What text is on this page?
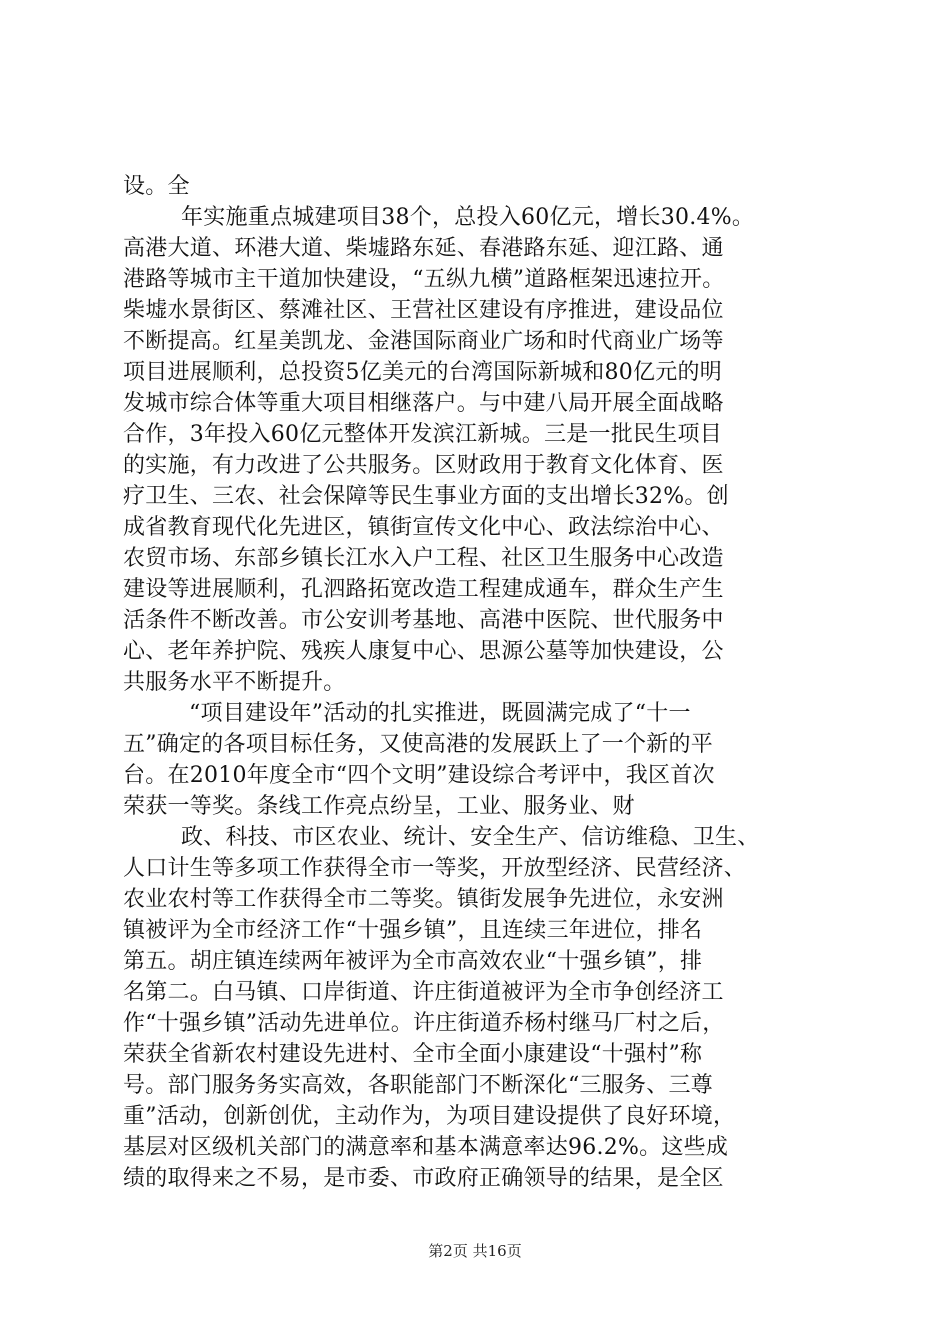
设。全
年实施重点城建项目38个，总投入60亿元，增长30.4%。
高港大道、环港大道、柴墟路东延、春港路东延、迎江路、通
港路等城市主干道加快建设，“五纵九横”道路框架迅速拉开。
柴墟水景街区、蔡滩社区、王营社区建设有序推进，建设品位
不断提高。红星美凯龙、金港国际商业广场和时代商业广场等
项目进展顺利，总投资5亿美元的台湾国际新城和80亿元的明
发城市综合体等重大项目相继落户。与中建八局开展全面战略
合作，3年投入60亿元整体开发滨江新城。三是一批民生项目
的实施，有力改进了公共服务。区财政用于教育文化体育、医
疗卫生、三农、社会保障等民生事业方面的支出增长32%。创
成省教育现代化先进区，镇街宣传文化中心、政法综治中心、
农贸市场、东部乡镇长江水入户工程、社区卫生服务中心改造
建设等进展顺利，孔泗路拓宽改造工程建成通车，群众生产生
活条件不断改善。市公安训考基地、高港中医院、世代服务中
心、老年养护院、残疾人康复中心、思源公墓等加快建设，公
共服务水平不断提升。
“项目建设年”活动的扎实推进，既圆满完成了“十一
五”确定的各项目标任务，又使高港的发展跃上了一个新的平
台。在2010年度全市“四个文明”建设综合考评中，我区首次
荣获一等奖。条线工作亮点纷呈，工业、服务业、财
政、科技、市区农业、统计、安全生产、信访维稳、卫生、
人口计生等多项工作获得全市一等奖，开放型经济、民营经济、
农业农村等工作获得全市二等奖。镇街发展争先进位，永安洲
镇被评为全市经济工作“十强乡镇”，且连续三年进位，排名
第五。胡庄镇连续两年被评为全市高效农业“十强乡镇”，排
名第二。白马镇、口岸街道、许庄街道被评为全市争创经济工
作“十强乡镇”活动先进单位。许庄街道乔杨村继马厂村之后，
荣获全省新农村建设先进村、全市全面小康建设“十强村”称
号。部门服务务实高效，各职能部门不断深化“三服务、三尊
重”活动，创新创优，主动作为，为项目建设提供了良好环境，
基层对区级机关部门的满意率和基本满意率达96.2%。这些成
绩的取得来之不易，是市委、市政府正确领导的结果，是全区
第2页 共16页
